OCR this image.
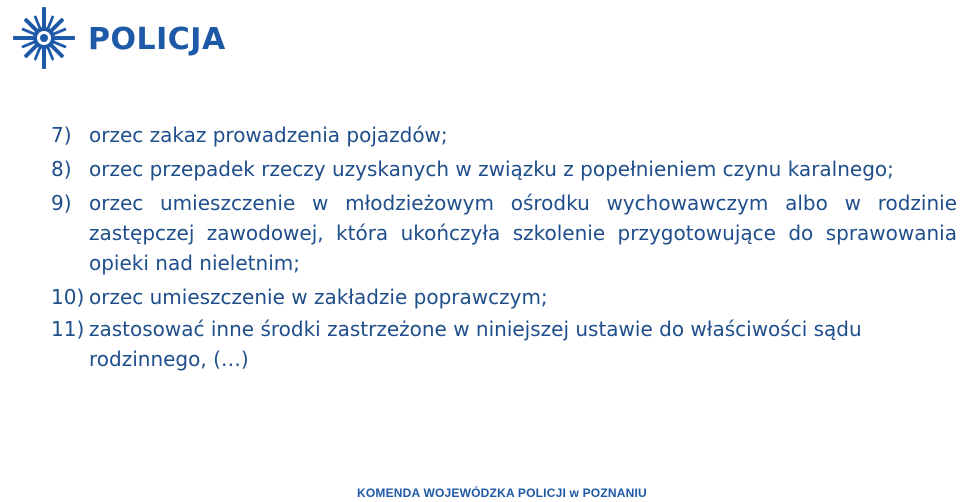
POLICJA
7) orzec zakaz prowadzenia pojazdów;
8) orzec przepadek rzeczy uzyskanych w związku z popełnieniem czynu karalnego;
9) orzec umieszczenie w młodzieżowym ośrodku wychowawczym albo w rodzinie zastępczej zawodowej, która ukończyła szkolenie przygotowujące do sprawowania opieki nad nieletnim;
10) orzec umieszczenie w zakładzie poprawczym;
11) zastosować inne środki zastrzeżone w niniejszej ustawie do właściwości sądu rodzinnego, (…)
KOMENDA WOJEWÓDZKA POLICJI w POZNANIU
